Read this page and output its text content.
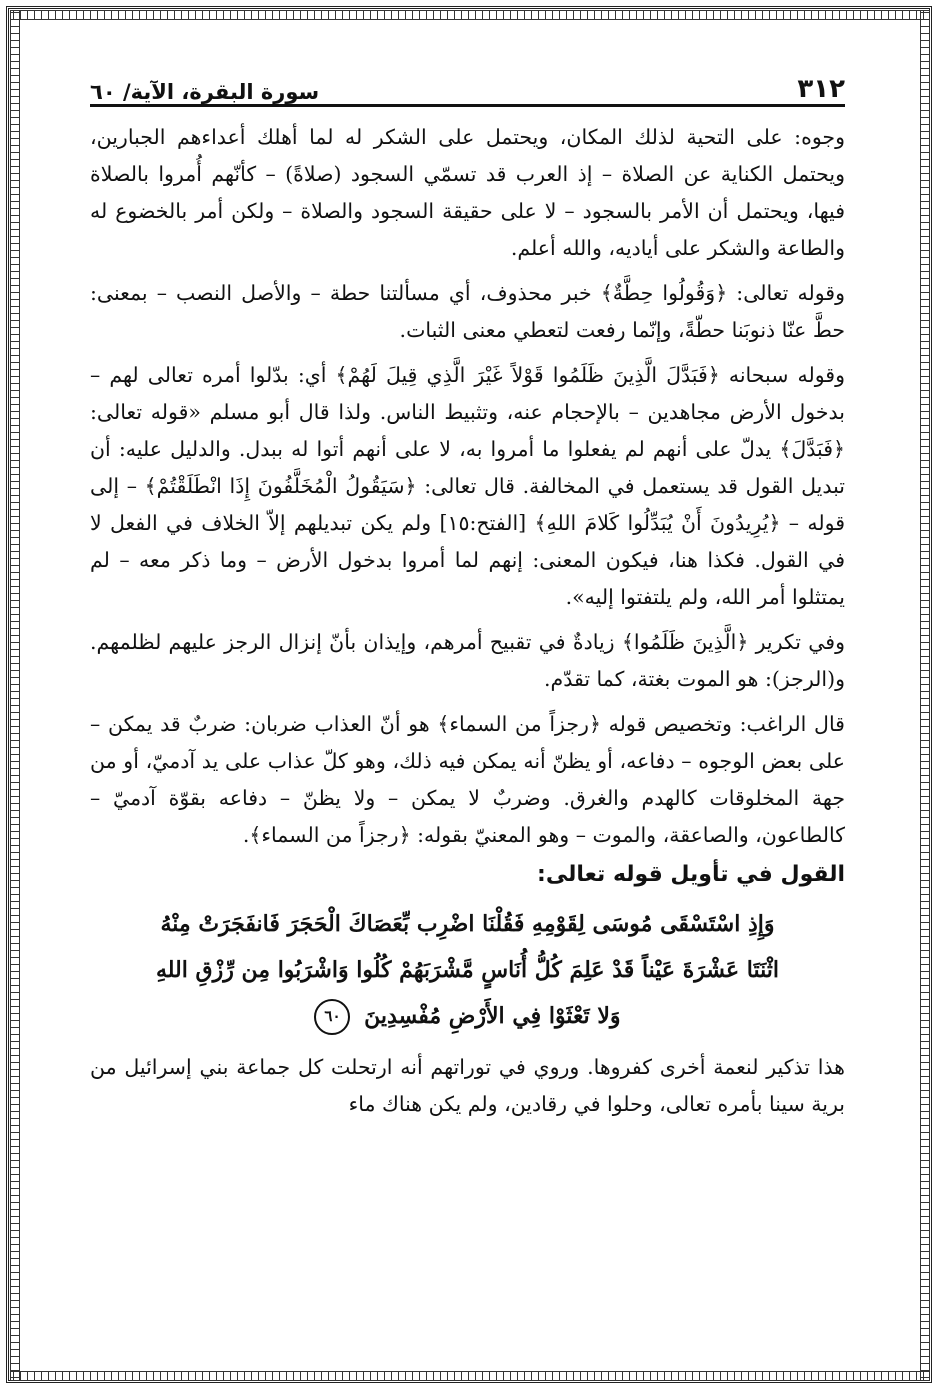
٣١٢
سورة البقرة، الآية/ ٦٠

وجوه: على التحية لذلك المكان، ويحتمل على الشكر له لما أهلك أعداءهم الجبارين، ويحتمل الكناية عن الصلاة – إذ العرب قد تسمّي السجود (صلاةً) – كأنّهم أُمروا بالصلاة فيها، ويحتمل أن الأمر بالسجود – لا على حقيقة السجود والصلاة – ولكن أمر بالخضوع له والطاعة والشكر على أياديه، والله أعلم.

وقوله تعالى: ﴿وَقُولُوا حِطَّةٌ﴾ خبر محذوف، أي مسألتنا حطة – والأصل النصب – بمعنى: حطَّ عنّا ذنوبَنا حطّةً، وإنّما رفعت لتعطي معنى الثبات.

وقوله سبحانه ﴿فَبَدَّلَ الَّذِينَ ظَلَمُوا قَوْلاً غَيْرَ الَّذِي قِيلَ لَهُمْ﴾ أي: بدّلوا أمره تعالى لهم – بدخول الأرض مجاهدين – بالإحجام عنه، وتثبيط الناس. ولذا قال أبو مسلم «قوله تعالى: ﴿فَبَدَّلَ﴾ يدلّ على أنهم لم يفعلوا ما أمروا به، لا على أنهم أتوا له ببدل. والدليل عليه: أن تبديل القول قد يستعمل في المخالفة. قال تعالى: ﴿سَيَقُولُ الْمُخَلَّفُونَ إِذَا انْطَلَقْتُمْ﴾ – إلى قوله – ﴿يُرِيدُونَ أَنْ يُبَدِّلُوا كَلامَ اللهِ﴾ [الفتح:١٥] ولم يكن تبديلهم إلاّ الخلاف في الفعل لا في القول. فكذا هنا، فيكون المعنى: إنهم لما أمروا بدخول الأرض – وما ذكر معه – لم يمتثلوا أمر الله، ولم يلتفتوا إليه».

وفي تكرير ﴿الَّذِينَ ظَلَمُوا﴾ زيادةٌ في تقبيح أمرهم، وإيذان بأنّ إنزال الرجز عليهم لظلمهم. و(الرجز): هو الموت بغتة، كما تقدّم.

قال الراغب: وتخصيص قوله ﴿رجزاً من السماء﴾ هو أنّ العذاب ضربان: ضربٌ قد يمكن – على بعض الوجوه – دفاعه، أو يظنّ أنه يمكن فيه ذلك، وهو كلّ عذاب على يد آدميّ، أو من جهة المخلوقات كالهدم والغرق. وضربٌ لا يمكن – ولا يظنّ – دفاعه بقوّة آدميّ – كالطاعون، والصاعقة، والموت – وهو المعنيّ بقوله: ﴿رجزاً من السماء﴾.

القول في تأويل قوله تعالى:
وَإِذِ اسْتَسْقَى مُوسَى لِقَوْمِهِ فَقُلْنَا اضْرِب بِّعَصَاكَ الْحَجَرَ فَانفَجَرَتْ مِنْهُ
اثْنَتَا عَشْرَةَ عَيْناً قَدْ عَلِمَ كُلُّ أُنَاسٍ مَّشْرَبَهُمْ كُلُوا وَاشْرَبُوا مِن رِّزْقِ اللهِ
وَلا تَعْثَوْا فِي الأَرْضِ مُفْسِدِينَ ٦٠

هذا تذكير لنعمة أخرى كفروها. وروي في توراتهم أنه ارتحلت كل جماعة بني إسرائيل من برية سينا بأمره تعالى، وحلوا في رقادين، ولم يكن هناك ماء
